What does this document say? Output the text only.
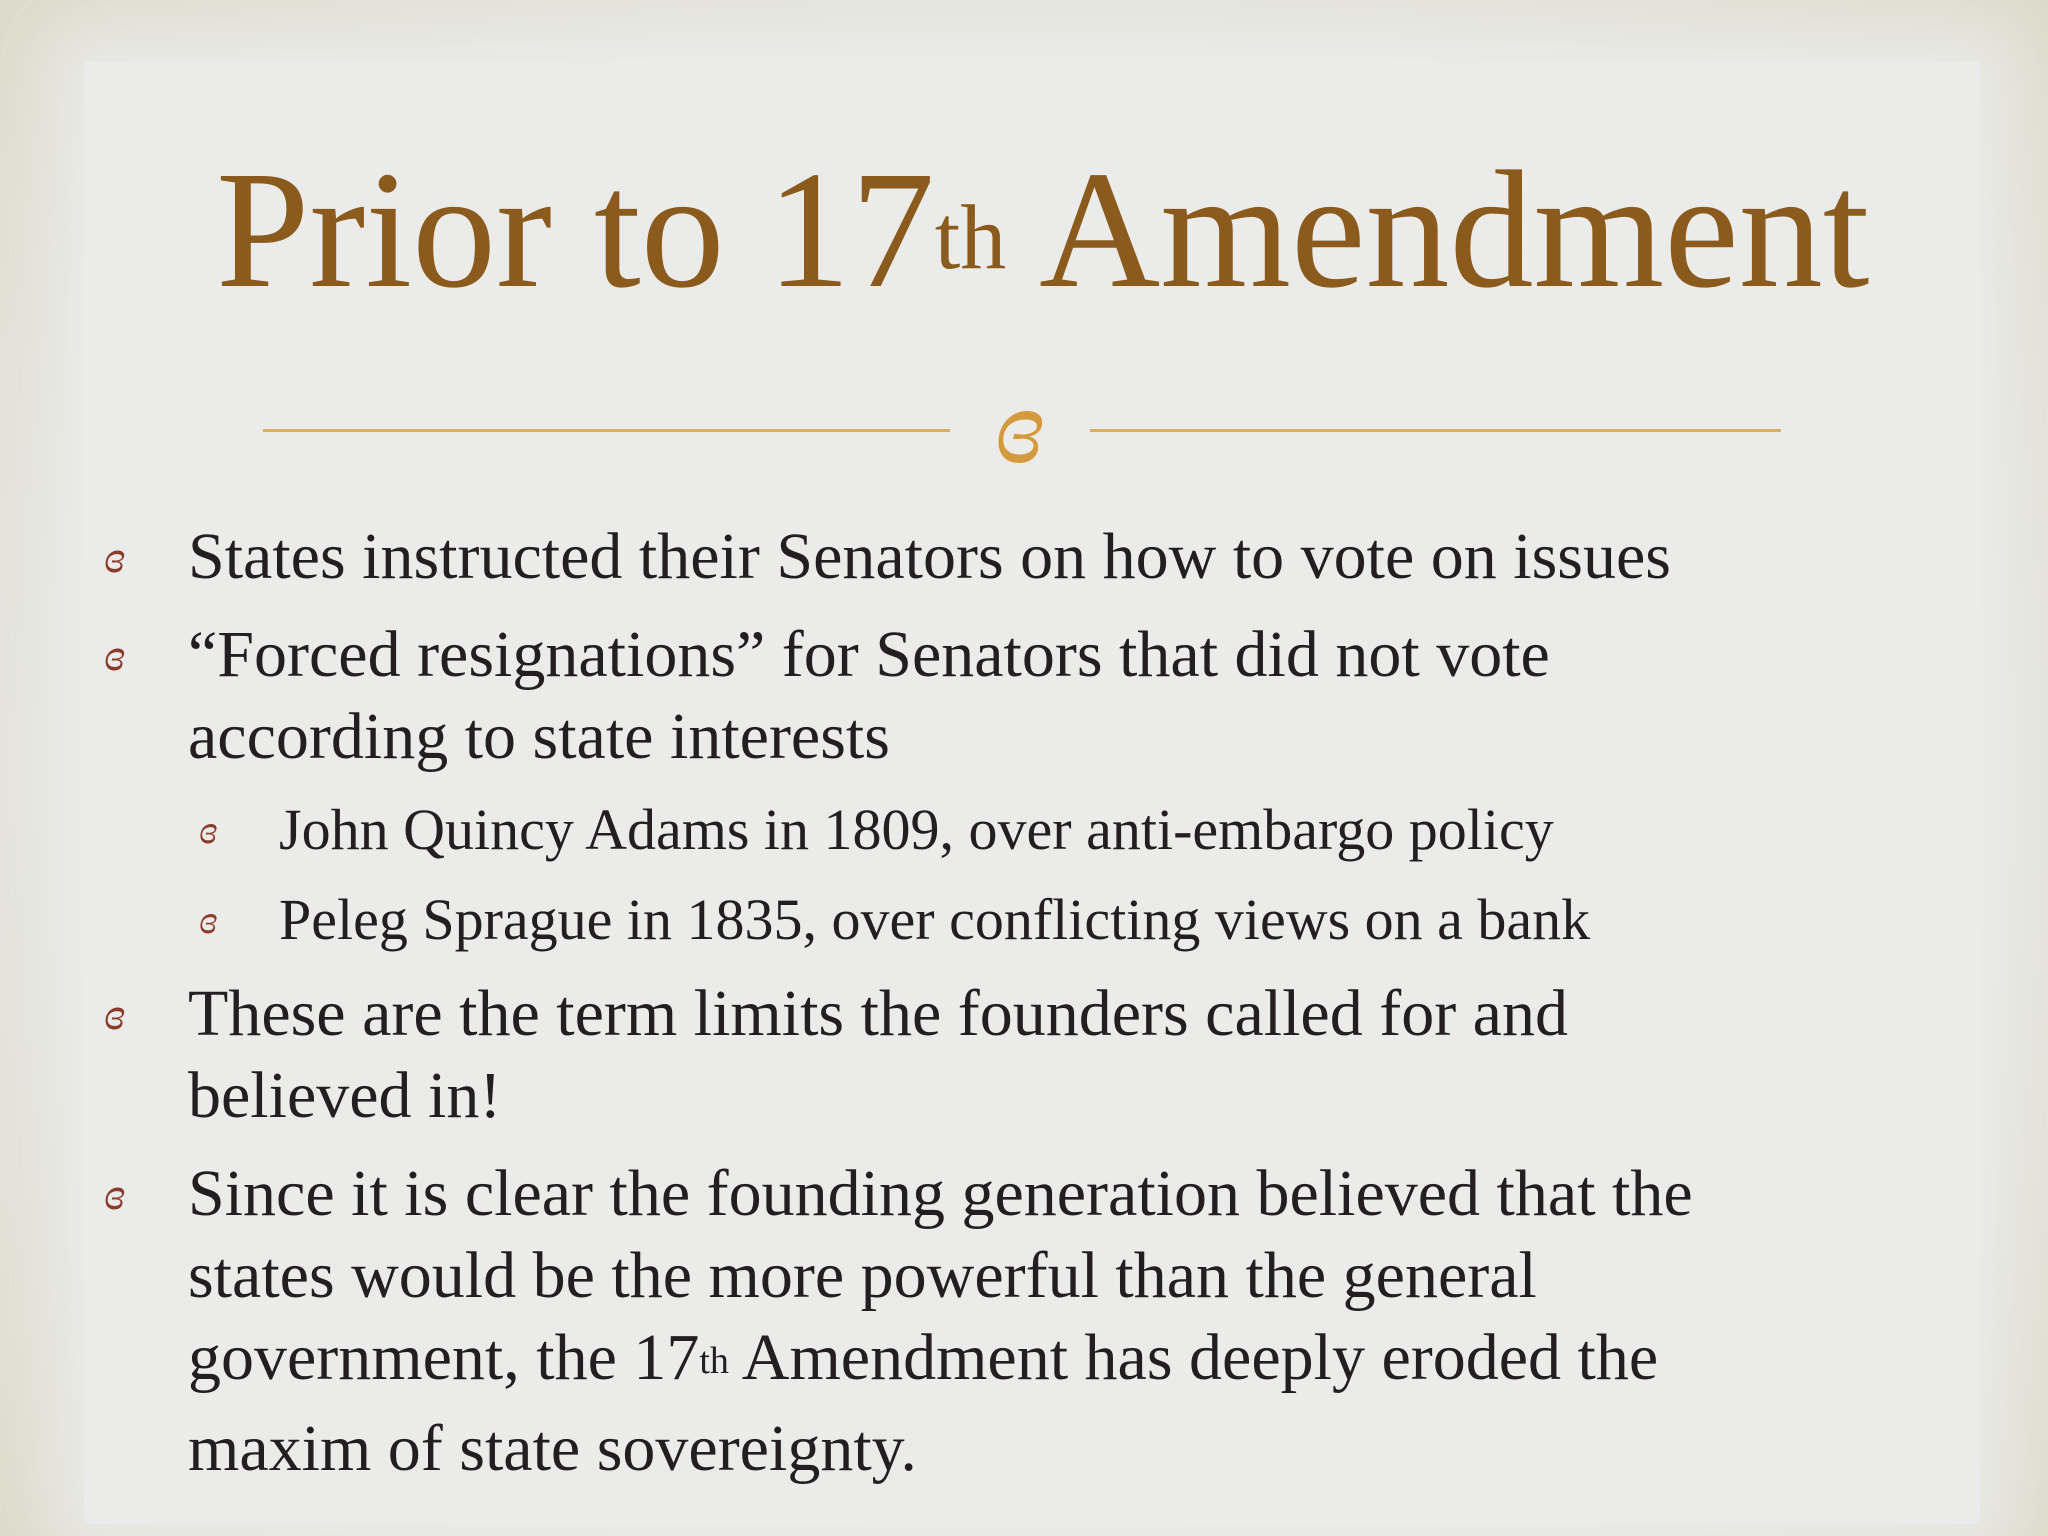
Prior to 17th Amendment
ɞ
ɞ States instructed their Senators on how to vote on issues
ɞ “Forced resignations” for Senators that did not vote
according to state interests
ɞ John Quincy Adams in 1809, over anti-embargo policy
ɞ Peleg Sprague in 1835, over conflicting views on a bank
ɞ These are the term limits the founders called for and
believed in!
ɞ Since it is clear the founding generation believed that the
states would be the more powerful than the general
government, the 17th Amendment has deeply eroded the
maxim of state sovereignty.
